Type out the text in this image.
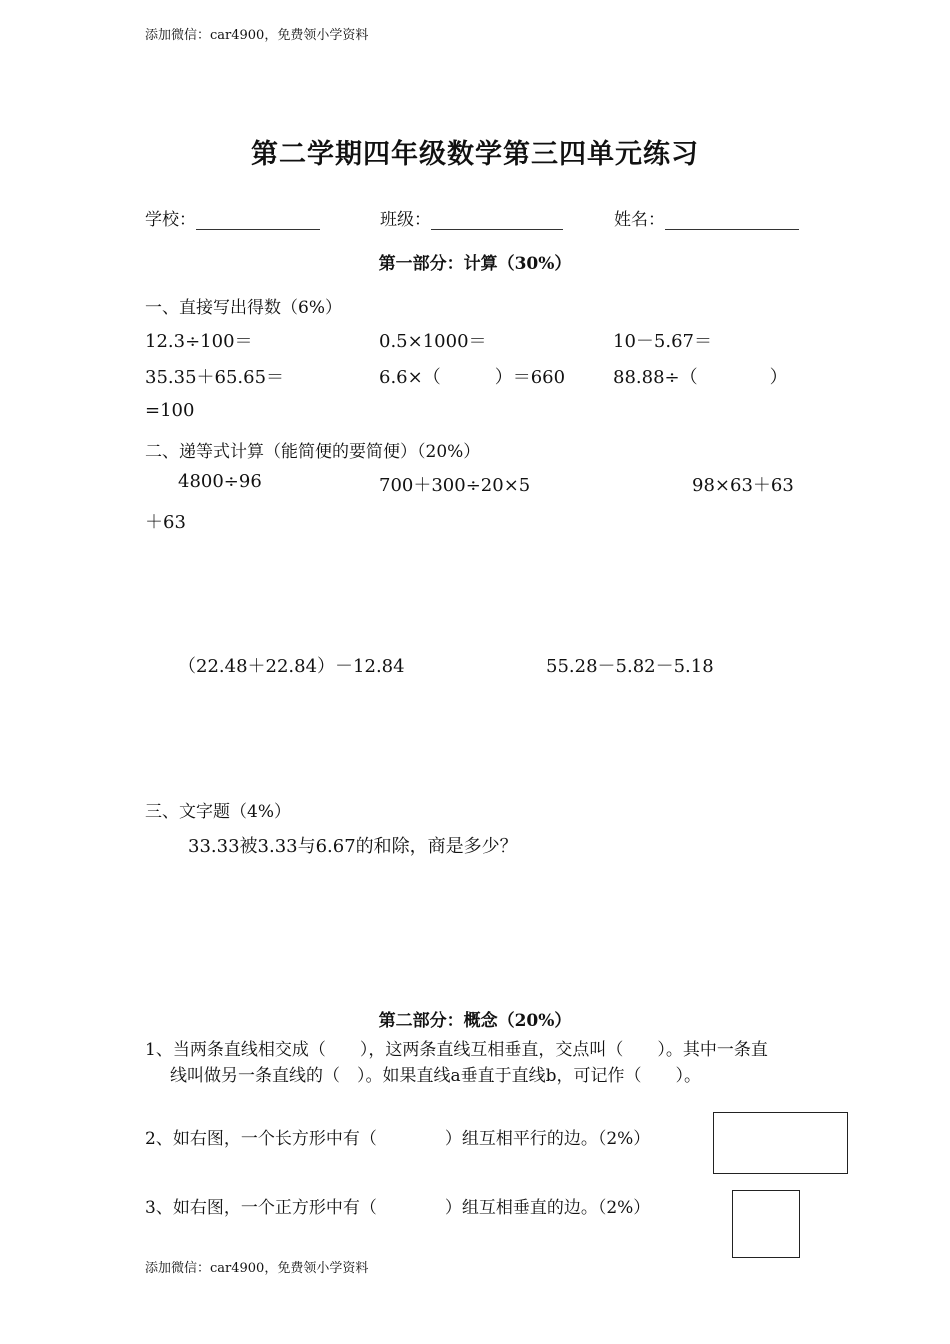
添加微信：car4900，免费领小学资料
第二学期四年级数学第三四单元练习
学校：	班级：	姓名：
第一部分：计算（30%）
一、直接写出得数（6%）
12.3÷100＝	0.5×1000＝	10－5.67＝
35.35＋65.65＝	6.6×（　　　）＝660	88.88÷（　　　　）
=100
二、递等式计算（能简便的要简便）（20%）
4800÷96	700＋300÷20×5	98×63＋63
＋63
（22.48＋22.84）－12.84	55.28－5.82－5.18
三、文字题（4%）
33.33被3.33与6.67的和除，商是多少？
第二部分：概念（20%）
1、当两条直线相交成（　　），这两条直线互相垂直，交点叫（　　）。其中一条直
线叫做另一条直线的（　）。如果直线a垂直于直线b，可记作（　　）。
2、如右图，一个长方形中有（　　　　）组互相平行的边。（2%）
3、如右图，一个正方形中有（　　　　）组互相垂直的边。（2%）
添加微信：car4900，免费领小学资料
